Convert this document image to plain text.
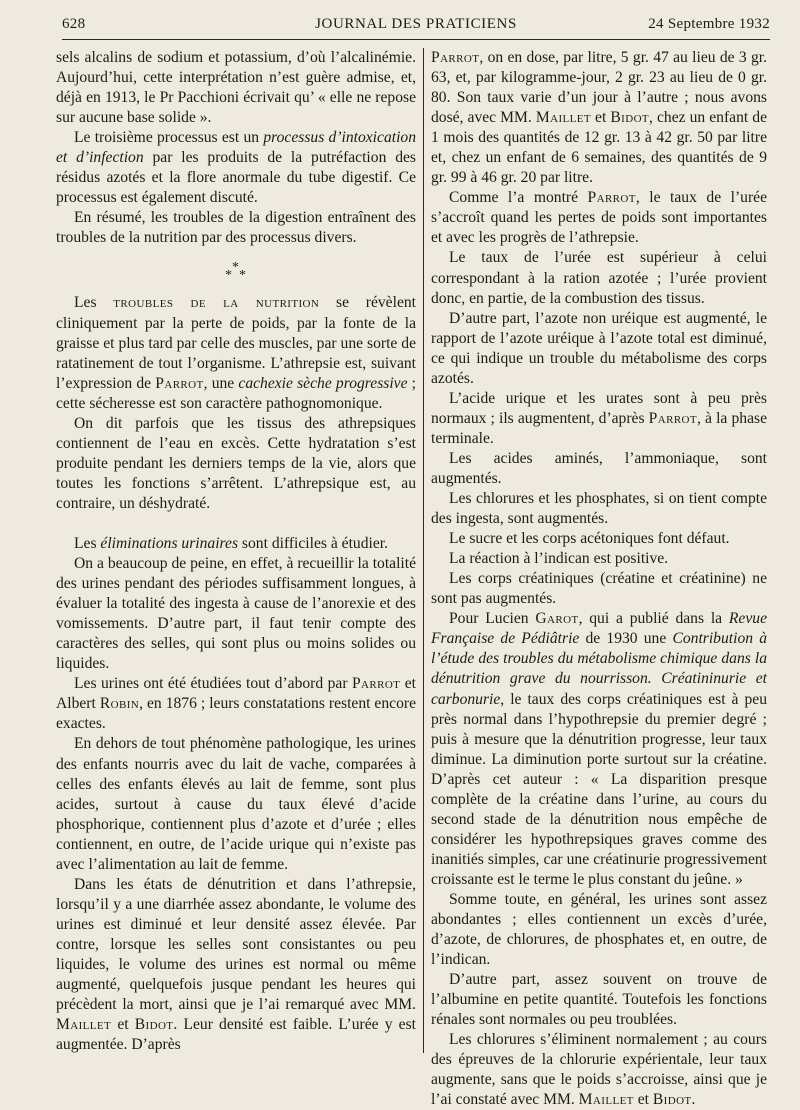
628	JOURNAL DES PRATICIENS	24 Septembre 1932

sels alcalins de sodium et potassium, d’où l’alcalinémie. Aujourd’hui, cette interprétation n’est guère admise, et, déjà en 1913, le Pr Pacchioni écrivait qu’ « elle ne repose sur aucune base solide ».

Le troisième processus est un processus d’intoxication et d’infection par les produits de la putréfaction des résidus azotés et la flore anormale du tube digestif. Ce processus est également discuté.

En résumé, les troubles de la digestion entraînent des troubles de la nutrition par des processus divers.

*
* *

Les troubles de la nutrition se révèlent cliniquement par la perte de poids, par la fonte de la graisse et plus tard par celle des muscles, par une sorte de ratatinement de tout l’organisme. L’athrepsie est, suivant l’expression de Parrot, une cachexie sèche progressive ; cette sécheresse est son caractère pathognomonique.

On dit parfois que les tissus des athrepsiques contiennent de l’eau en excès. Cette hydratation s’est produite pendant les derniers temps de la vie, alors que toutes les fonctions s’arrêtent. L’athrepsique est, au contraire, un déshydraté.

Les éliminations urinaires sont difficiles à étudier.

On a beaucoup de peine, en effet, à recueillir la totalité des urines pendant des périodes suffisamment longues, à évaluer la totalité des ingesta à cause de l’anorexie et des vomissements. D’autre part, il faut tenir compte des caractères des selles, qui sont plus ou moins solides ou liquides.

Les urines ont été étudiées tout d’abord par Parrot et Albert Robin, en 1876 ; leurs constatations restent encore exactes.

En dehors de tout phénomène pathologique, les urines des enfants nourris avec du lait de vache, comparées à celles des enfants élevés au lait de femme, sont plus acides, surtout à cause du taux élevé d’acide phosphorique, contiennent plus d’azote et d’urée ; elles contiennent, en outre, de l’acide urique qui n’existe pas avec l’alimentation au lait de femme.

Dans les états de dénutrition et dans l’athrepsie, lorsqu’il y a une diarrhée assez abondante, le volume des urines est diminué et leur densité assez élevée. Par contre, lorsque les selles sont consistantes ou peu liquides, le volume des urines est normal ou même augmenté, quelquefois jusque pendant les heures qui précèdent la mort, ainsi que je l’ai remarqué avec MM. Maillet et Bidot. Leur densité est faible. L’urée y est augmentée. D’après

Parrot, on en dose, par litre, 5 gr. 47 au lieu de 3 gr. 63, et, par kilogramme-jour, 2 gr. 23 au lieu de 0 gr. 80. Son taux varie d’un jour à l’autre ; nous avons dosé, avec MM. Maillet et Bidot, chez un enfant de 1 mois des quantités de 12 gr. 13 à 42 gr. 50 par litre et, chez un enfant de 6 semaines, des quantités de 9 gr. 99 à 46 gr. 20 par litre.

Comme l’a montré Parrot, le taux de l’urée s’accroît quand les pertes de poids sont importantes et avec les progrès de l’athrepsie.

Le taux de l’urée est supérieur à celui correspondant à la ration azotée ; l’urée provient donc, en partie, de la combustion des tissus.

D’autre part, l’azote non uréique est augmenté, le rapport de l’azote uréique à l’azote total est diminué, ce qui indique un trouble du métabolisme des corps azotés.

L’acide urique et les urates sont à peu près normaux ; ils augmentent, d’après Parrot, à la phase terminale.

Les acides aminés, l’ammoniaque, sont augmentés.

Les chlorures et les phosphates, si on tient compte des ingesta, sont augmentés.

Le sucre et les corps acétoniques font défaut.

La réaction à l’indican est positive.

Les corps créatiniques (créatine et créatinine) ne sont pas augmentés.

Pour Lucien Garot, qui a publié dans la Revue Française de Pédiâtrie de 1930 une Contribution à l’étude des troubles du métabolisme chimique dans la dénutrition grave du nourrisson. Créatininurie et carbonurie, le taux des corps créatiniques est à peu près normal dans l’hypothrepsie du premier degré ; puis à mesure que la dénutrition progresse, leur taux diminue. La diminution porte surtout sur la créatine. D’après cet auteur : « La disparition presque complète de la créatine dans l’urine, au cours du second stade de la dénutrition nous empêche de considérer les hypothrepsiques graves comme des inanitiés simples, car une créatinurie progressivement croissante est le terme le plus constant du jeûne. »

Somme toute, en général, les urines sont assez abondantes ; elles contiennent un excès d’urée, d’azote, de chlorures, de phosphates et, en outre, de l’indican.

D’autre part, assez souvent on trouve de l’albumine en petite quantité. Toutefois les fonctions rénales sont normales ou peu troublées.

Les chlorures s’éliminent normalement ; au cours des épreuves de la chlorurie expérientale, leur taux augmente, sans que le poids s’accroisse, ainsi que je l’ai constaté avec MM. Maillet et Bidot.
